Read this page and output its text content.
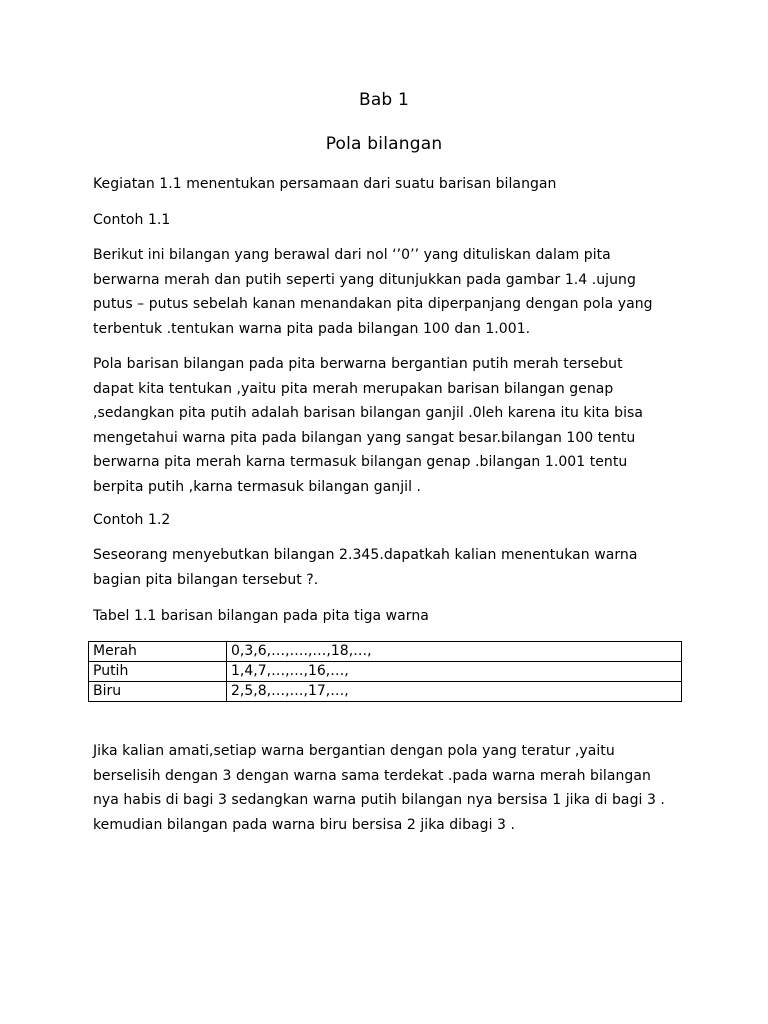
Bab 1
Pola bilangan

Kegiatan 1.1 menentukan persamaan dari suatu barisan bilangan

Contoh 1.1

Berikut ini bilangan yang berawal dari nol ‘’0’’ yang dituliskan dalam pita
berwarna merah dan putih seperti yang ditunjukkan pada gambar 1.4 .ujung
putus – putus sebelah kanan menandakan pita diperpanjang dengan pola yang
terbentuk .tentukan warna pita pada bilangan 100 dan 1.001.
Pola barisan bilangan pada pita berwarna bergantian putih merah tersebut
dapat kita tentukan ,yaitu pita merah merupakan barisan bilangan genap
,sedangkan pita putih adalah barisan bilangan ganjil .0leh karena itu kita bisa
mengetahui warna pita pada bilangan yang sangat besar.bilangan 100 tentu
berwarna pita merah karna termasuk bilangan genap .bilangan 1.001 tentu
berpita putih ,karna termasuk bilangan ganjil .

Contoh 1.2

Seseorang menyebutkan bilangan 2.345.dapatkah kalian menentukan warna
bagian pita bilangan tersebut ?.

Tabel 1.1 barisan bilangan pada pita tiga warna

Merah	0,3,6,…,….,…,18,…,
Putih	1,4,7,…,…,16,…,
Biru	2,5,8,…,…,17,…,
Jika kalian amati,setiap warna bergantian dengan pola yang teratur ,yaitu
berselisih dengan 3 dengan warna sama terdekat .pada warna merah bilangan
nya habis di bagi 3 sedangkan warna putih bilangan nya bersisa 1 jika di bagi 3 .
kemudian bilangan pada warna biru bersisa 2 jika dibagi 3 .
